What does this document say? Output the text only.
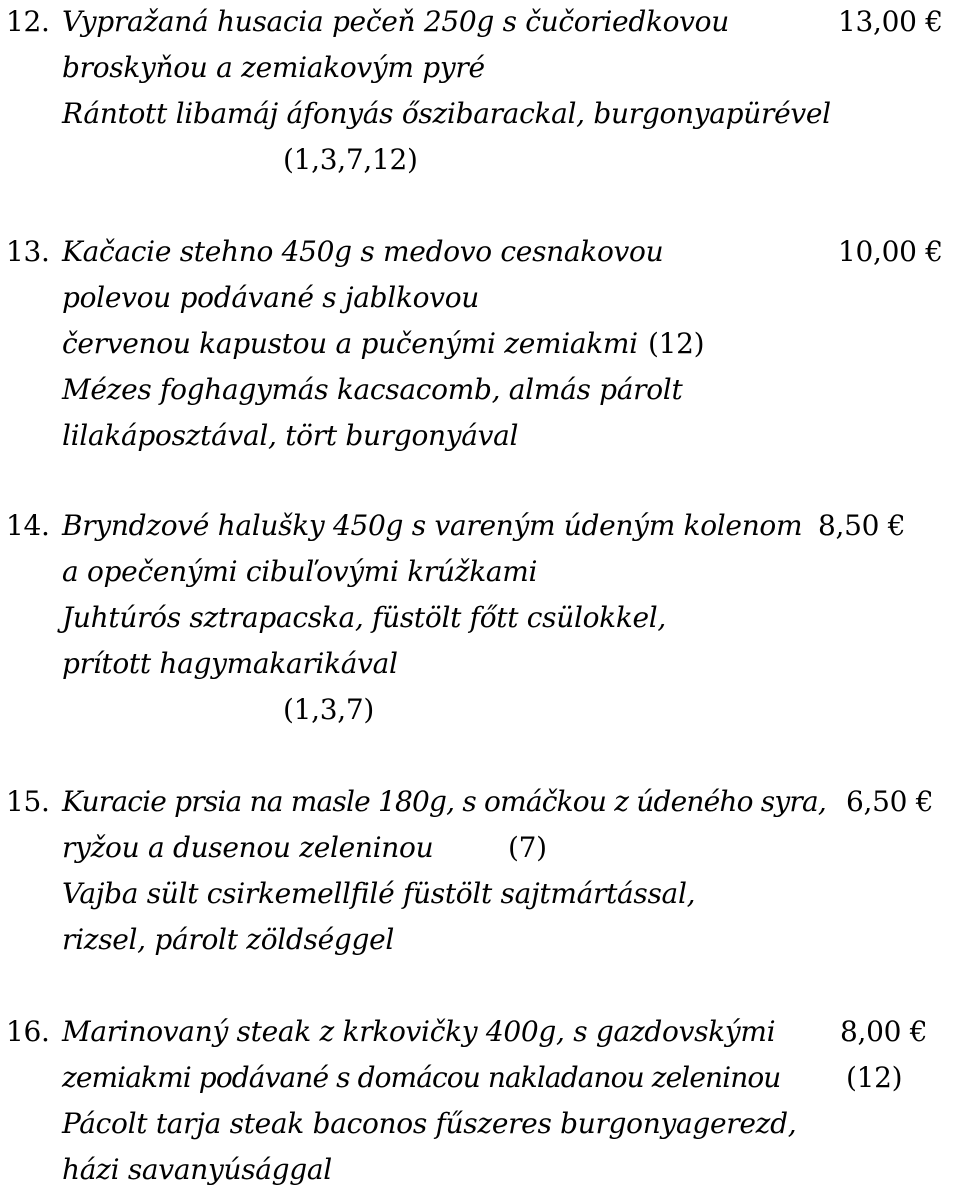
12.	13,00 €
Vypražaná husacia pečeň 250g s čučoriedkovou
broskyňou a zemiakovým pyré
Rántott libamáj áfonyás őszibarackal, burgonyapürével
(1,3,7,12)
13.	10,00 €
Kačacie stehno 450g s medovo cesnakovou
polevou podávané s jablkovou
červenou kapustou a pučenými zemiakmi (12)
Mézes foghagymás kacsacomb, almás párolt
lilakáposztával, tört burgonyával
14.	8,50 €
Bryndzové halušky 450g s vareným údeným kolenom
a opečenými cibuľovými krúžkami
Juhtúrós sztrapacska, füstölt főtt csülokkel,
prított hagymakarikával
(1,3,7)
15.	6,50 €
Kuracie prsia na masle 180g, s omáčkou z údeného syra,
ryžou a dusenou zeleninou	(7)
Vajba sült csirkemellfilé füstölt sajtmártással,
rizsel, párolt zöldséggel
16.	8,00 €
Marinovaný steak z krkovičky 400g, s gazdovskými
zemiakmi podávané s domácou nakladanou zeleninou (12)
Pácolt tarja steak baconos fűszeres burgonyagerezd,
házi savanyúsággal
